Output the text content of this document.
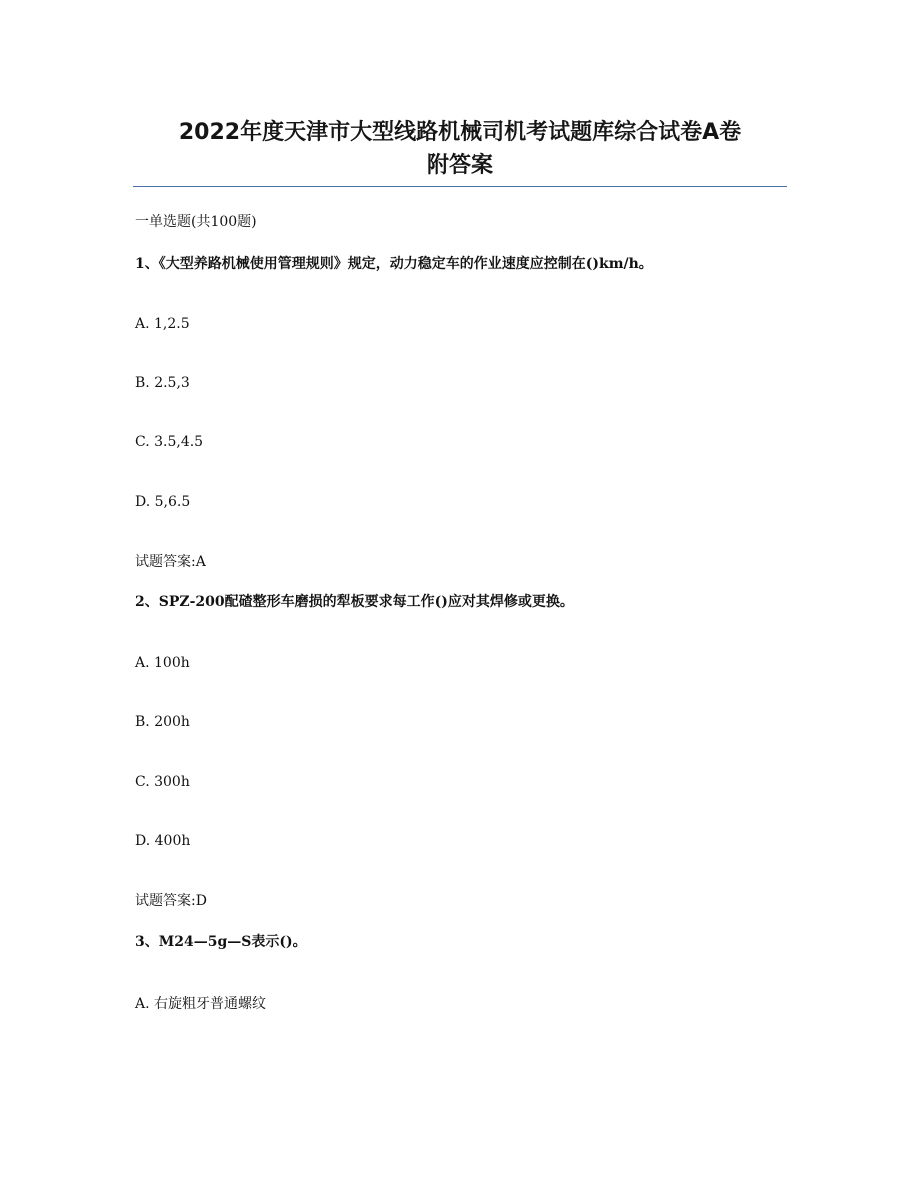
2022年度天津市大型线路机械司机考试题库综合试卷A卷
附答案
一单选题(共100题)
1、《大型养路机械使用管理规则》规定，动力稳定车的作业速度应控制在()km/h。
A. 1,2.5
B. 2.5,3
C. 3.5,4.5
D. 5,6.5
试题答案:A
2、SPZ-200配碴整形车磨损的犁板要求每工作()应对其焊修或更换。
A. 100h
B. 200h
C. 300h
D. 400h
试题答案:D
3、M24—5g—S表示()。
A. 右旋粗牙普通螺纹
